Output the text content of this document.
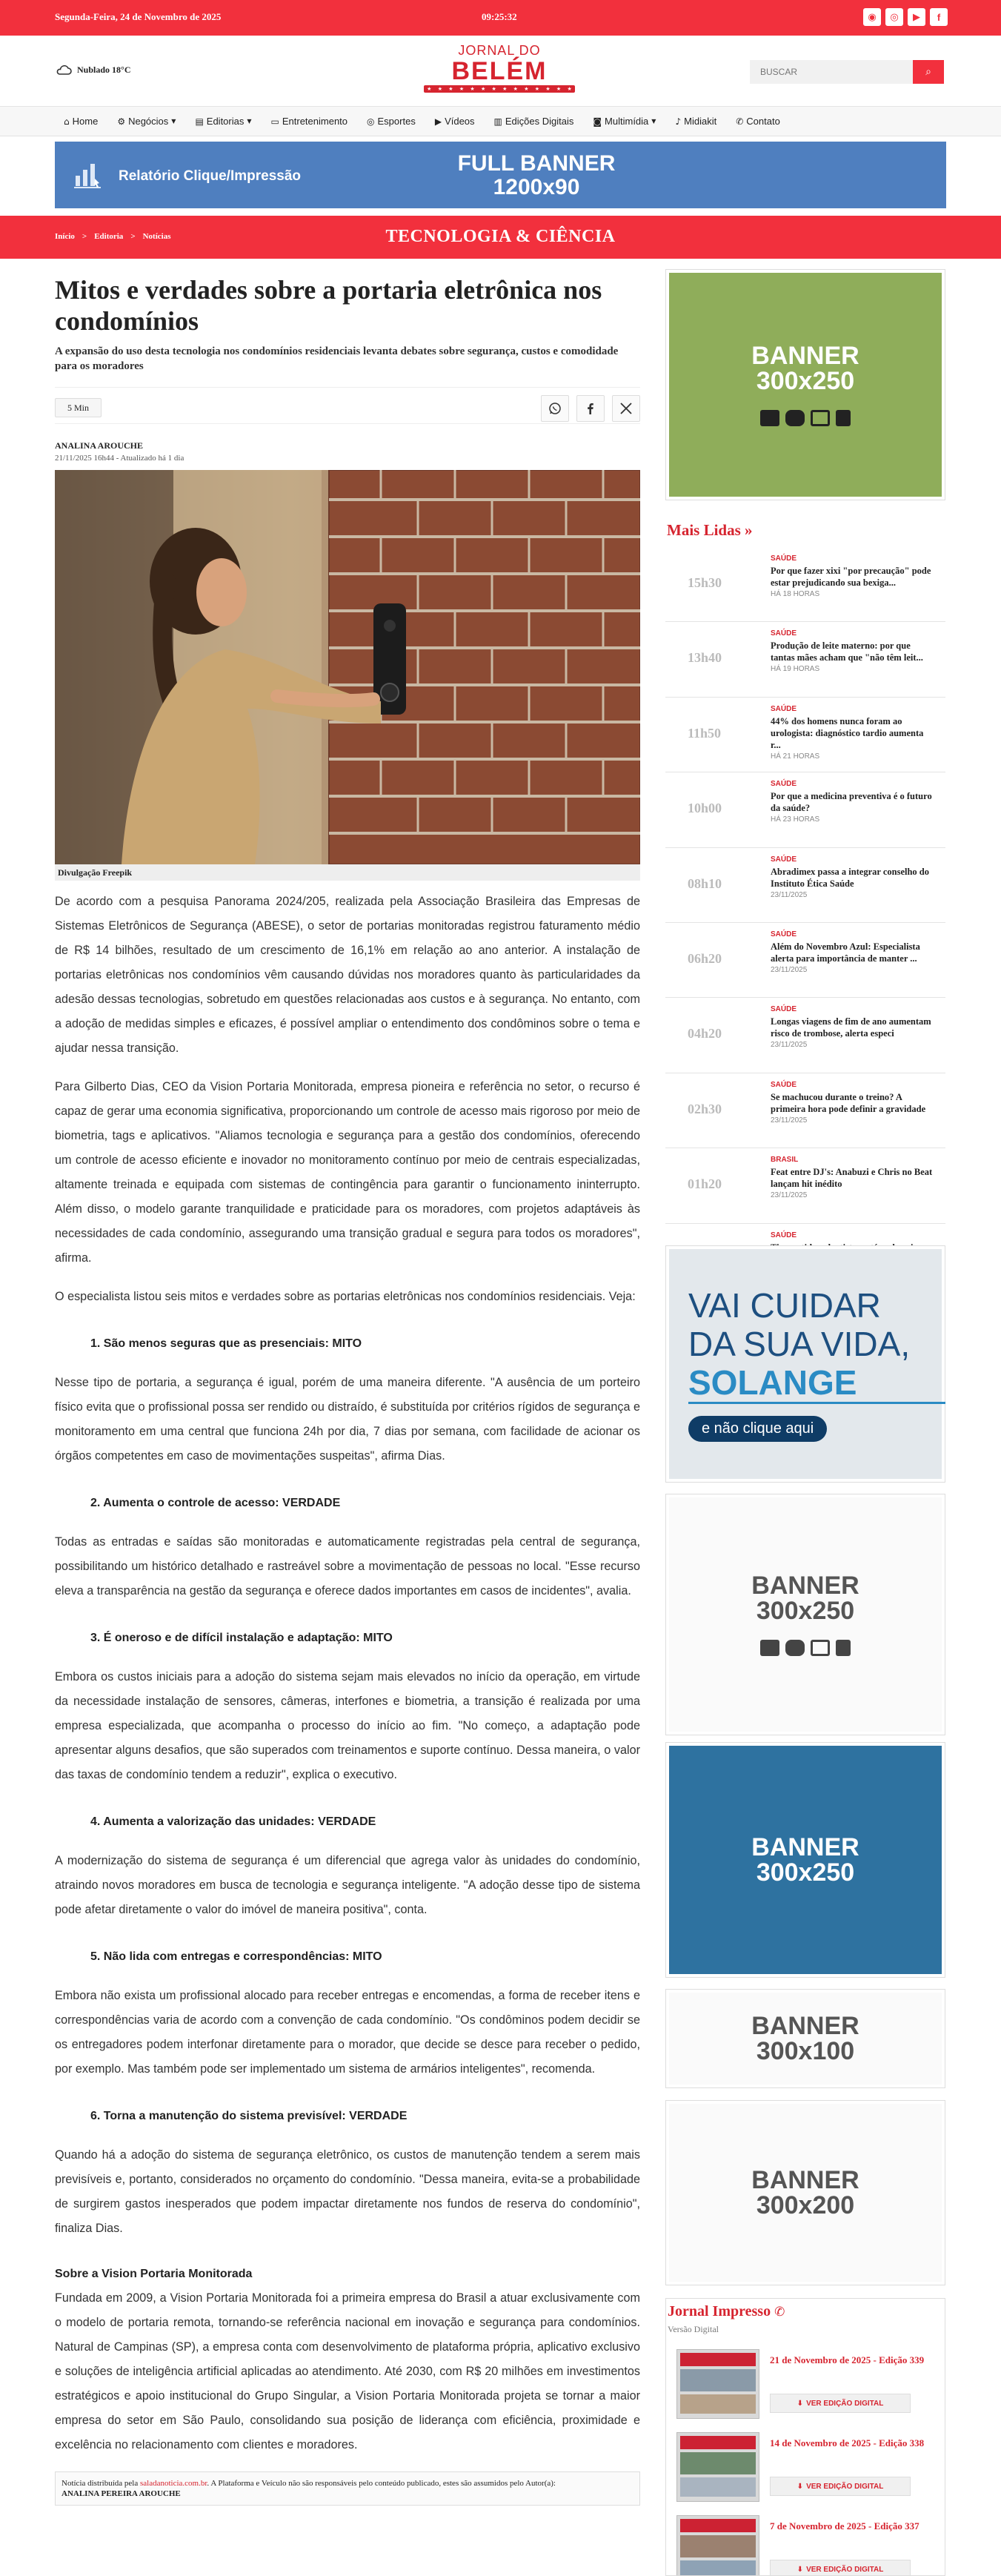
Segunda-Feira, 24 de Novembro de 2025	09:25:32	◉	◎	▶	f
Nublado 18°C
JORNAL DO
BELÉM
★ ★ ★ ★ ★ ★ ★ ★ ★ ★ ★ ★ ★ ★
BUSCAR
⌕
⌂ Home ⚙ Negócios ▼ ▤ Editorias ▼ ▭ Entretenimento ◎ Esportes ▶ Vídeos ▥ Edições Digitais ◙ Multimídia ▼ ♪ Midiakit ✆ Contato
Relatório Clique/Impressão
FULL BANNER
1200x90
Início > Editoria > Notícias	TECNOLOGIA & CIÊNCIA
Mitos e verdades sobre a portaria eletrônica nos condomínios
A expansão do uso desta tecnologia nos condomínios residenciais levanta debates sobre segurança, custos e comodidade para os moradores
5 Min
ANALINA AROUCHE
21/11/2025 16h44 - Atualizado há 1 dia
Divulgação Freepik

De acordo com a pesquisa Panorama 2024/205, realizada pela Associação Brasileira das Empresas de Sistemas Eletrônicos de Segurança (ABESE), o setor de portarias monitoradas registrou faturamento médio de R$ 14 bilhões, resultado de um crescimento de 16,1% em relação ao ano anterior. A instalação de portarias eletrônicas nos condomínios vêm causando dúvidas nos moradores quanto às particularidades da adesão dessas tecnologias, sobretudo em questões relacionadas aos custos e à segurança. No entanto, com a adoção de medidas simples e eficazes, é possível ampliar o entendimento dos condôminos sobre o tema e ajudar nessa transição.

Para Gilberto Dias, CEO da Vision Portaria Monitorada, empresa pioneira e referência no setor, o recurso é capaz de gerar uma economia significativa, proporcionando um controle de acesso mais rigoroso por meio de biometria, tags e aplicativos. "Aliamos tecnologia e segurança para a gestão dos condomínios, oferecendo um controle de acesso eficiente e inovador no monitoramento contínuo por meio de centrais especializadas, altamente treinada e equipada com sistemas de contingência para garantir o funcionamento ininterrupto. Além disso, o modelo garante tranquilidade e praticidade para os moradores, com projetos adaptáveis às necessidades de cada condomínio, assegurando uma transição gradual e segura para todos os moradores", afirma.

O especialista listou seis mitos e verdades sobre as portarias eletrônicas nos condomínios residenciais. Veja:

1. São menos seguras que as presenciais: MITO

Nesse tipo de portaria, a segurança é igual, porém de uma maneira diferente. "A ausência de um porteiro físico evita que o profissional possa ser rendido ou distraído, é substituída por critérios rígidos de segurança e monitoramento em uma central que funciona 24h por dia, 7 dias por semana, com facilidade de acionar os órgãos competentes em caso de movimentações suspeitas", afirma Dias.

2. Aumenta o controle de acesso: VERDADE

Todas as entradas e saídas são monitoradas e automaticamente registradas pela central de segurança, possibilitando um histórico detalhado e rastreável sobre a movimentação de pessoas no local. "Esse recurso eleva a transparência na gestão da segurança e oferece dados importantes em casos de incidentes", avalia.

3. É oneroso e de difícil instalação e adaptação: MITO

Embora os custos iniciais para a adoção do sistema sejam mais elevados no início da operação, em virtude da necessidade instalação de sensores, câmeras, interfones e biometria, a transição é realizada por uma empresa especializada, que acompanha o processo do início ao fim. "No começo, a adaptação pode apresentar alguns desafios, que são superados com treinamentos e suporte contínuo. Dessa maneira, o valor das taxas de condomínio tendem a reduzir", explica o executivo.

4. Aumenta a valorização das unidades: VERDADE

A modernização do sistema de segurança é um diferencial que agrega valor às unidades do condomínio, atraindo novos moradores em busca de tecnologia e segurança inteligente. "A adoção desse tipo de sistema pode afetar diretamente o valor do imóvel de maneira positiva", conta.

5. Não lida com entregas e correspondências: MITO

Embora não exista um profissional alocado para receber entregas e encomendas, a forma de receber itens e correspondências varia de acordo com a convenção de cada condomínio. "Os condôminos podem decidir se os entregadores podem interfonar diretamente para o morador, que decide se desce para receber o pedido, por exemplo. Mas também pode ser implementado um sistema de armários inteligentes", recomenda.

6. Torna a manutenção do sistema previsível: VERDADE

Quando há a adoção do sistema de segurança eletrônico, os custos de manutenção tendem a serem mais previsíveis e, portanto, considerados no orçamento do condomínio. "Dessa maneira, evita-se a probabilidade de surgirem gastos inesperados que podem impactar diretamente nos fundos de reserva do condomínio", finaliza Dias.

Sobre a Vision Portaria Monitorada

Fundada em 2009, a Vision Portaria Monitorada foi a primeira empresa do Brasil a atuar exclusivamente com o modelo de portaria remota, tornando-se referência nacional em inovação e segurança para condomínios. Natural de Campinas (SP), a empresa conta com desenvolvimento de plataforma própria, aplicativo exclusivo e soluções de inteligência artificial aplicadas ao atendimento. Até 2030, com R$ 20 milhões em investimentos estratégicos e apoio institucional do Grupo Singular, a Vision Portaria Monitorada projeta se tornar a maior empresa do setor em São Paulo, consolidando sua posição de liderança com eficiência, proximidade e excelência no relacionamento com clientes e moradores.

Notícia distribuída pela saladanoticia.com.br. A Plataforma e Veículo não são responsáveis pelo conteúdo publicado, estes são assumidos pelo Autor(a):
ANALINA PEREIRA AROUCHE
BANNER
300x250
Mais Lidas »
15h30
SAÚDE
Por que fazer xixi "por precaução" pode estar prejudicando sua bexiga...
HÁ 18 HORAS
13h40
SAÚDE
Produção de leite materno: por que tantas mães acham que "não têm leit...
HÁ 19 HORAS
11h50
SAÚDE
44% dos homens nunca foram ao urologista: diagnóstico tardio aumenta r...
HÁ 21 HORAS
10h00
SAÚDE
Por que a medicina preventiva é o futuro da saúde?
HÁ 23 HORAS
08h10
SAÚDE
Abradimex passa a integrar conselho do Instituto Ética Saúde
23/11/2025
06h20
SAÚDE
Além do Novembro Azul: Especialista alerta para importância de manter ...
23/11/2025
04h20
SAÚDE
Longas viagens de fim de ano aumentam risco de trombose, alerta especi
23/11/2025
02h30
SAÚDE
Se machucou durante o treino? A primeira hora pode definir a gravidade
23/11/2025
01h20
BRASIL
Feat entre DJ's: Anabuzi e Chris no Beat lançam hit inédito
23/11/2025
SAÚDE
VAI CUIDAR
DA SUA VIDA,
SOLANGE
e não clique aqui
BANNER
300x250
BANNER
300x250
BANNER
300x100
BANNER
300x200
Jornal Impresso ✆
Versão Digital
21 de Novembro de 2025 - Edição 339
⬇ VER EDIÇÃO DIGITAL
14 de Novembro de 2025 - Edição 338
⬇ VER EDIÇÃO DIGITAL
7 de Novembro de 2025 - Edição 337
⬇ VER EDIÇÃO DIGITAL
